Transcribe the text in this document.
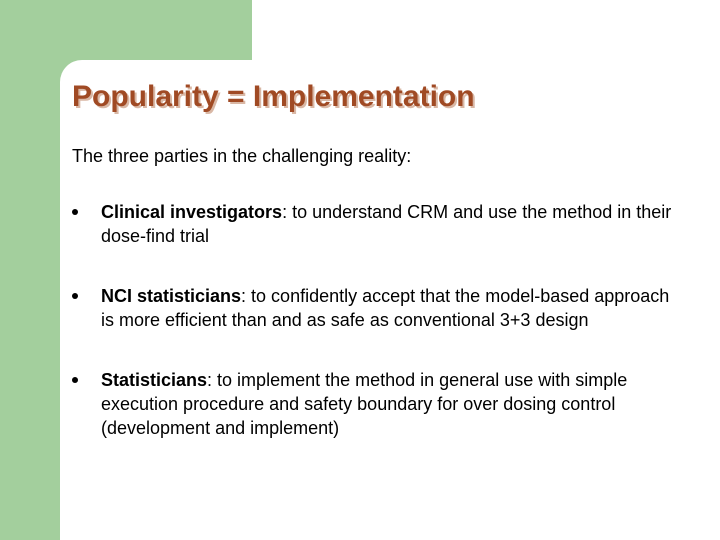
Popularity = Implementation
The three parties in the challenging reality:
Clinical investigators: to understand CRM and use the method in their dose-find trial
NCI statisticians: to confidently accept that the model-based approach is more efficient than and as safe as conventional 3+3 design
Statisticians: to implement the method in general use with simple execution procedure and safety boundary for over dosing control (development and implement)
